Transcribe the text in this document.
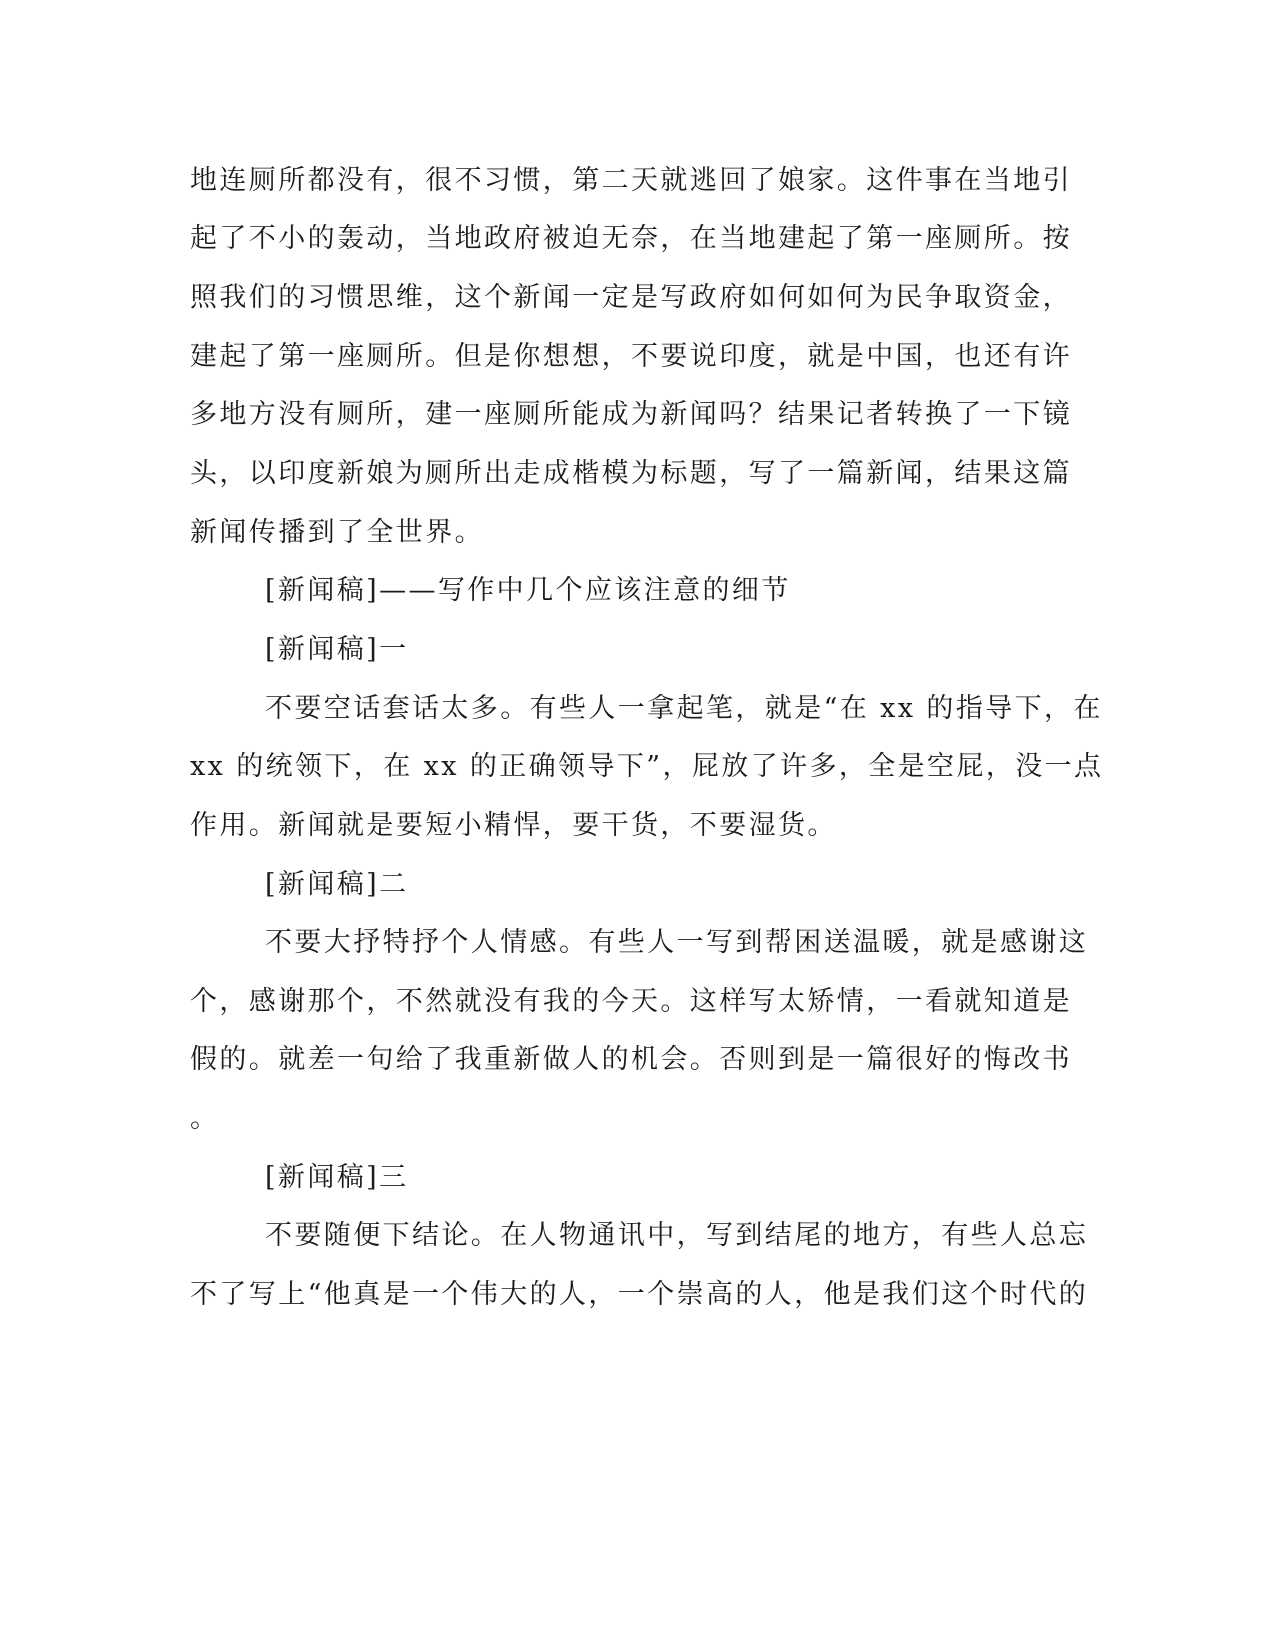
地连厕所都没有，很不习惯，第二天就逃回了娘家。这件事在当地引
起了不小的轰动，当地政府被迫无奈，在当地建起了第一座厕所。按
照我们的习惯思维，这个新闻一定是写政府如何如何为民争取资金，
建起了第一座厕所。但是你想想，不要说印度，就是中国，也还有许
多地方没有厕所，建一座厕所能成为新闻吗？结果记者转换了一下镜
头，以印度新娘为厕所出走成楷模为标题，写了一篇新闻，结果这篇
新闻传播到了全世界。
[新闻稿]——写作中几个应该注意的细节
[新闻稿]一
不要空话套话太多。有些人一拿起笔，就是“在 xx 的指导下，在
xx 的统领下，在 xx 的正确领导下”，屁放了许多，全是空屁，没一点
作用。新闻就是要短小精悍，要干货，不要湿货。
[新闻稿]二
不要大抒特抒个人情感。有些人一写到帮困送温暖，就是感谢这
个，感谢那个，不然就没有我的今天。这样写太矫情，一看就知道是
假的。就差一句给了我重新做人的机会。否则到是一篇很好的悔改书
。
[新闻稿]三
不要随便下结论。在人物通讯中，写到结尾的地方，有些人总忘
不了写上“他真是一个伟大的人，一个崇高的人，他是我们这个时代的
